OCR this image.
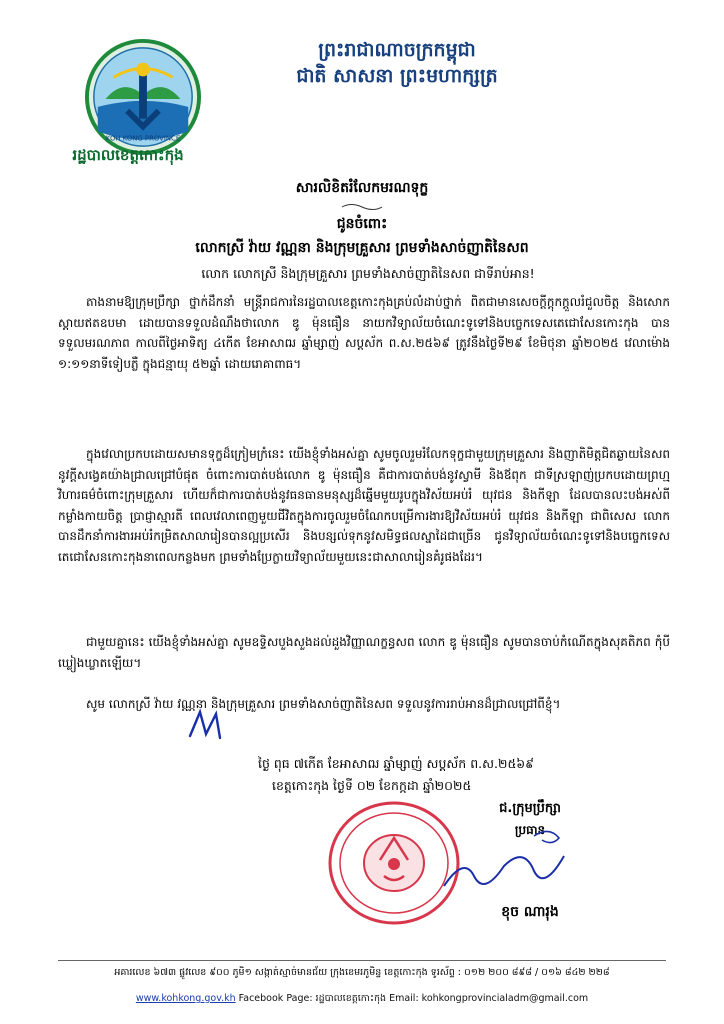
KOH KONG PROVINCE
រដ្ឋបាលខេត្តកោះកុង
ព្រះរាជាណាចក្រកម្ពុជា
ជាតិ សាសនា ព្រះមហាក្សត្រ
សារលិខិតរំលែកមរណទុក្ខ
ជូនចំពោះ
លោកស្រី វ៉ាយ វណ្ណនា និងក្រុមគ្រួសារ ព្រមទាំងសាច់ញាតិនៃសព
លោក លោកស្រី និងក្រុមគ្រួសារ ព្រមទាំងសាច់ញាតិនៃសព ជាទីរាប់អាន!
តាងនាមឱ្យក្រុមប្រឹក្សា ថ្នាក់ដឹកនាំ មន្ត្រីរាជការនៃរដ្ឋបាលខេត្តកោះកុងគ្រប់លំដាប់ថ្នាក់ ពិតជាមានសេចក្តីក្តុកក្តួលរំជួលចិត្ត និងសោកស្តាយឥតឧបមា ដោយបានទទួលដំណឹងថាលោក ឌូ ម៉ុនធឿន នាយកវិទ្យាល័យចំណេះទូទៅនិងបច្ចេកទេសតេជោសែនកោះកុង បានទទួលមរណភាព កាលពីថ្ងៃអាទិត្យ ៤កើត ខែអាសាឍ ឆ្នាំម្សាញ់ សប្តស័ក ព.ស.២៥៦៩ ត្រូវនឹងថ្ងៃទី២៩ ខែមិថុនា ឆ្នាំ២០២៥ វេលាម៉ោង ១:១១នាទីទៀបភ្លឺ ក្នុងជន្មាយុ ៥២ឆ្នាំ ដោយរោគាពាធ។
ក្នុងវេលាប្រកបដោយសមានទុក្ខដ៏ក្រៀមក្រំនេះ យើងខ្ញុំទាំងអស់គ្នា សូមចូលរួមរំលែកទុក្ខជាមួយក្រុមគ្រួសារ និងញាតិមិត្តជិតឆ្ងាយនៃសព នូវក្តីសង្វេគយ៉ាងជ្រាលជ្រៅបំផុត ចំពោះការបាត់បង់លោក ឌូ ម៉ុនធឿន គឺជាការបាត់បង់នូវស្វាមី និងឪពុក ជាទីស្រឡាញ់ប្រកបដោយព្រហ្មវិហារធម៌ចំពោះក្រុមគ្រួសារ ហើយក៏ជាការបាត់បង់នូវធនធានមនុស្សដ៏ឆ្នើមមួយរូបក្នុងវិស័យអប់រំ យុវជន និងកីឡា ដែលបានលះបង់អស់ពីកម្លាំងកាយចិត្ត ប្រាជ្ញាស្មារតី ពេលវេលាពេញមួយជីវិតក្នុងការចូលរួមចំណែកបម្រើការងារឱ្យវិស័យអប់រំ យុវជន និងកីឡា ជាពិសេស លោក បានដឹកនាំការងារអប់រំកម្រិតសាលារៀនបានល្អប្រសើរ និងបន្សល់ទុកនូវសមិទ្ធផលស្នាដៃជាច្រើន ជូនវិទ្យាល័យចំណេះទូទៅនិងបច្ចេកទេសតេជោសែនកោះកុងនាពេលកន្លងមក ព្រមទាំងប្រែក្លាយវិទ្យាល័យមួយនេះជាសាលារៀនគំរូផងដែរ។
ជាមួយគ្នានេះ យើងខ្ញុំទាំងអស់គ្នា សូមឧទ្ទិសបួងសួងដល់ដួងវិញ្ញាណក្ខន្ធសព លោក ឌូ ម៉ុនធឿន សូមបានចាប់កំណើតក្នុងសុគតិភព កុំបីឃ្លៀងឃ្លាតឡើយ។
សូម លោកស្រី វ៉ាយ វណ្ណនា និងក្រុមគ្រួសារ ព្រមទាំងសាច់ញាតិនៃសព ទទួលនូវការរាប់អានដ៏ជ្រាលជ្រៅពីខ្ញុំ។
ថ្ងៃ ពុធ ៧កើត ខែអាសាឍ ឆ្នាំម្សាញ់ សប្តស័ក ព.ស.២៥៦៩
ខេត្តកោះកុង ថ្ងៃទី ០២ ខែកក្កដា ឆ្នាំ២០២៥
ជ.ក្រុមប្រឹក្សា
ប្រធាន
ខុច ណារុង
អគារលេខ ៦៧៣ ផ្លូវលេខ ៩០០ ភូមិ១ សង្កាត់ស្មាច់មានជ័យ ក្រុងខេមរភូមិន្ទ ខេត្តកោះកុង ទូរស័ព្ទ : ០១២ ២០០ ៨៩៨ / ០១៦ ៨៤២ ២២៨
www.kohkong.gov.kh Facebook Page: រដ្ឋបាលខេត្តកោះកុង Email: kohkongprovincialadm@gmail.com
